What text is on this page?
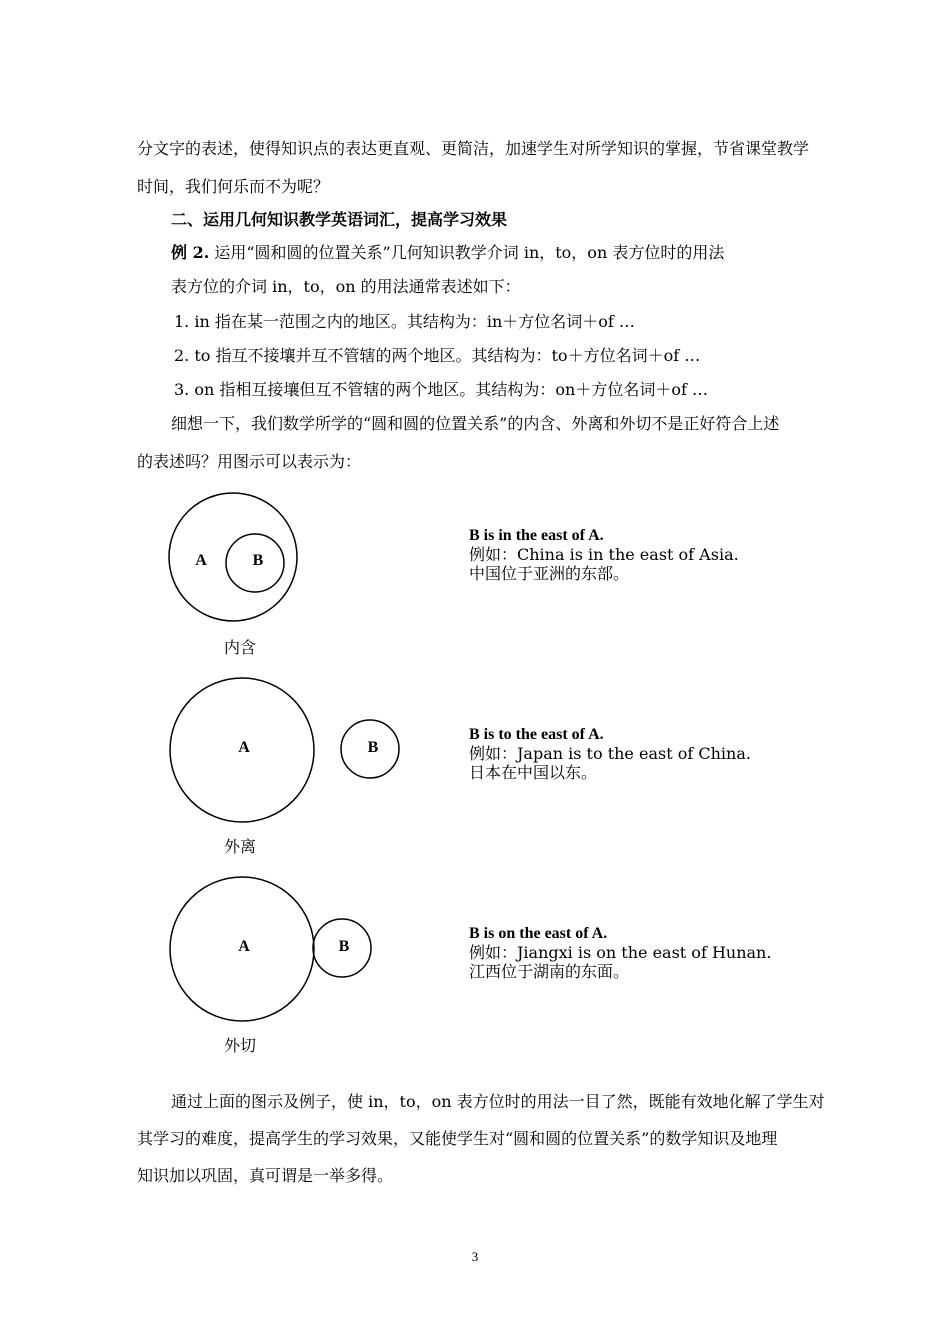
分文字的表述，使得知识点的表达更直观、更简洁，加速学生对所学知识的掌握，节省课堂教学
时间，我们何乐而不为呢？
二、运用几何知识教学英语词汇，提高学习效果
例 2. 运用“圆和圆的位置关系”几何知识教学介词 in，to，on 表方位时的用法
表方位的介词 in，to，on 的用法通常表述如下：
1. in 指在某一范围之内的地区。其结构为：in＋方位名词＋of …
2. to 指互不接壤并互不管辖的两个地区。其结构为：to＋方位名词＋of …
3. on 指相互接壤但互不管辖的两个地区。其结构为：on＋方位名词＋of …
细想一下，我们数学所学的“圆和圆的位置关系”的内含、外离和外切不是正好符合上述
的表述吗？用图示可以表示为：
A	B
内含
B is in the east of A.
例如：China is in the east of Asia.
中国位于亚洲的东部。
A	B
外离
B is to the east of A.
例如：Japan is to the east of China.
日本在中国以东。
A	B
外切
B is on the east of A.
例如：Jiangxi is on the east of Hunan.
江西位于湖南的东面。
通过上面的图示及例子，使 in，to，on 表方位时的用法一目了然，既能有效地化解了学生对
其学习的难度，提高学生的学习效果，又能使学生对“圆和圆的位置关系”的数学知识及地理
知识加以巩固，真可谓是一举多得。
3
